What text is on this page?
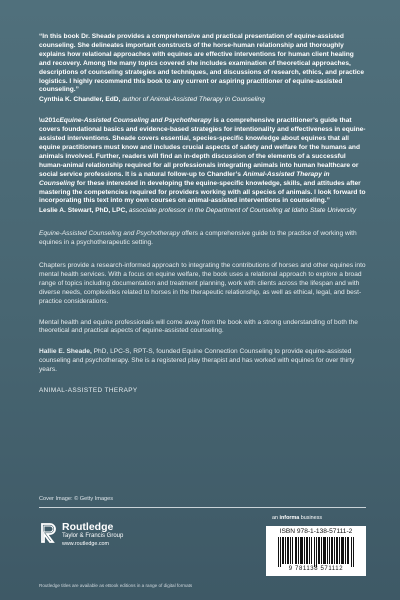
“In this book Dr. Sheade provides a comprehensive and practical presentation of equine-assisted counseling. She delineates important constructs of the horse-human relationship and thoroughly explains how relational approaches with equines are effective interventions for human client healing and recovery. Among the many topics covered she includes examination of theoretical approaches, descriptions of counseling strategies and techniques, and discussions of research, ethics, and practice logistics. I highly recommend this book to any current or aspiring practitioner of equine-assisted counseling.”

Cynthia K. Chandler, EdD, author of Animal-Assisted Therapy in Counseling

\u201cEquine-Assisted Counseling and Psychotherapy is a comprehensive practitioner’s guide that covers foundational basics and evidence-based strategies for intentionality and effectiveness in equine-assisted interventions. Sheade covers essential, species-specific knowledge about equines that all equine practitioners must know and includes crucial aspects of safety and welfare for the humans and animals involved. Further, readers will find an in-depth discussion of the elements of a successful human-animal relationship required for all professionals integrating animals into human healthcare or social service professions. It is a natural follow-up to Chandler’s Animal-Assisted Therapy in Counseling for these interested in developing the equine-specific knowledge, skills, and attitudes after mastering the competencies required for providers working with all species of animals. I look forward to incorporating this text into my own courses on animal-assisted interventions in counseling.”

Leslie A. Stewart, PhD, LPC, associate professor in the Department of Counseling at Idaho State University

Equine-Assisted Counseling and Psychotherapy offers a comprehensive guide to the practice of working with equines in a psychotherapeutic setting.

Chapters provide a research-informed approach to integrating the contributions of horses and other equines into mental health services. With a focus on equine welfare, the book uses a relational approach to explore a broad range of topics including documentation and treatment planning, work with clients across the lifespan and with diverse needs, complexities related to horses in the therapeutic relationship, as well as ethical, legal, and best-practice considerations.

Mental health and equine professionals will come away from the book with a strong understanding of both the theoretical and practical aspects of equine-assisted counseling.

Hallie E. Sheade, PhD, LPC-S, RPT-S, founded Equine Connection Counseling to provide equine-assisted counseling and psychotherapy. She is a registered play therapist and has worked with equines for over thirty years.

ANIMAL-ASSISTED THERAPY

Cover Image: © Getty Images
Routledge
Taylor & Francis Group
www.routledge.com
an informa business
ISBN 978-1-138-57111-2
9 781138 571112
Routledge titles are available as eBook editions in a range of digital formats
